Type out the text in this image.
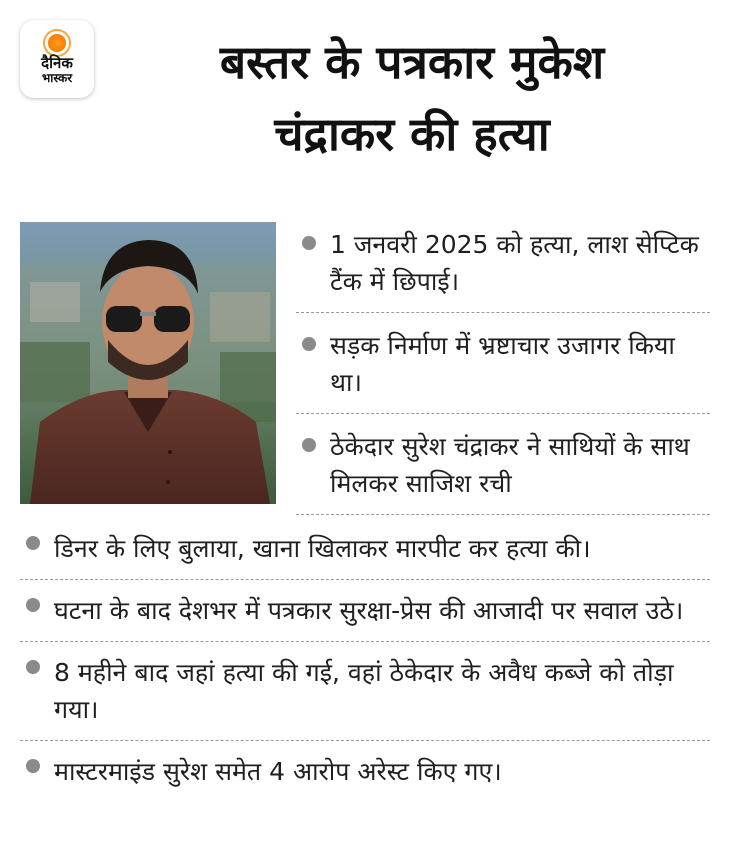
दैनिक
भास्कर	बस्तर के पत्रकार मुकेश
चंद्राकर की हत्या
1 जनवरी 2025 को हत्या, लाश सेप्टिक टैंक में छिपाई।
सड़क निर्माण में भ्रष्टाचार उजागर किया था।
ठेकेदार सुरेश चंद्राकर ने साथियों के साथ मिलकर साजिश रची
डिनर के लिए बुलाया, खाना खिलाकर मारपीट कर हत्या की।
घटना के बाद देशभर में पत्रकार सुरक्षा-प्रेस की आजादी पर सवाल उठे।
8 महीने बाद जहां हत्या की गई, वहां ठेकेदार के अवैध कब्जे को तोड़ा गया।
मास्टरमाइंड सुरेश समेत 4 आरोप अरेस्ट किए गए।
